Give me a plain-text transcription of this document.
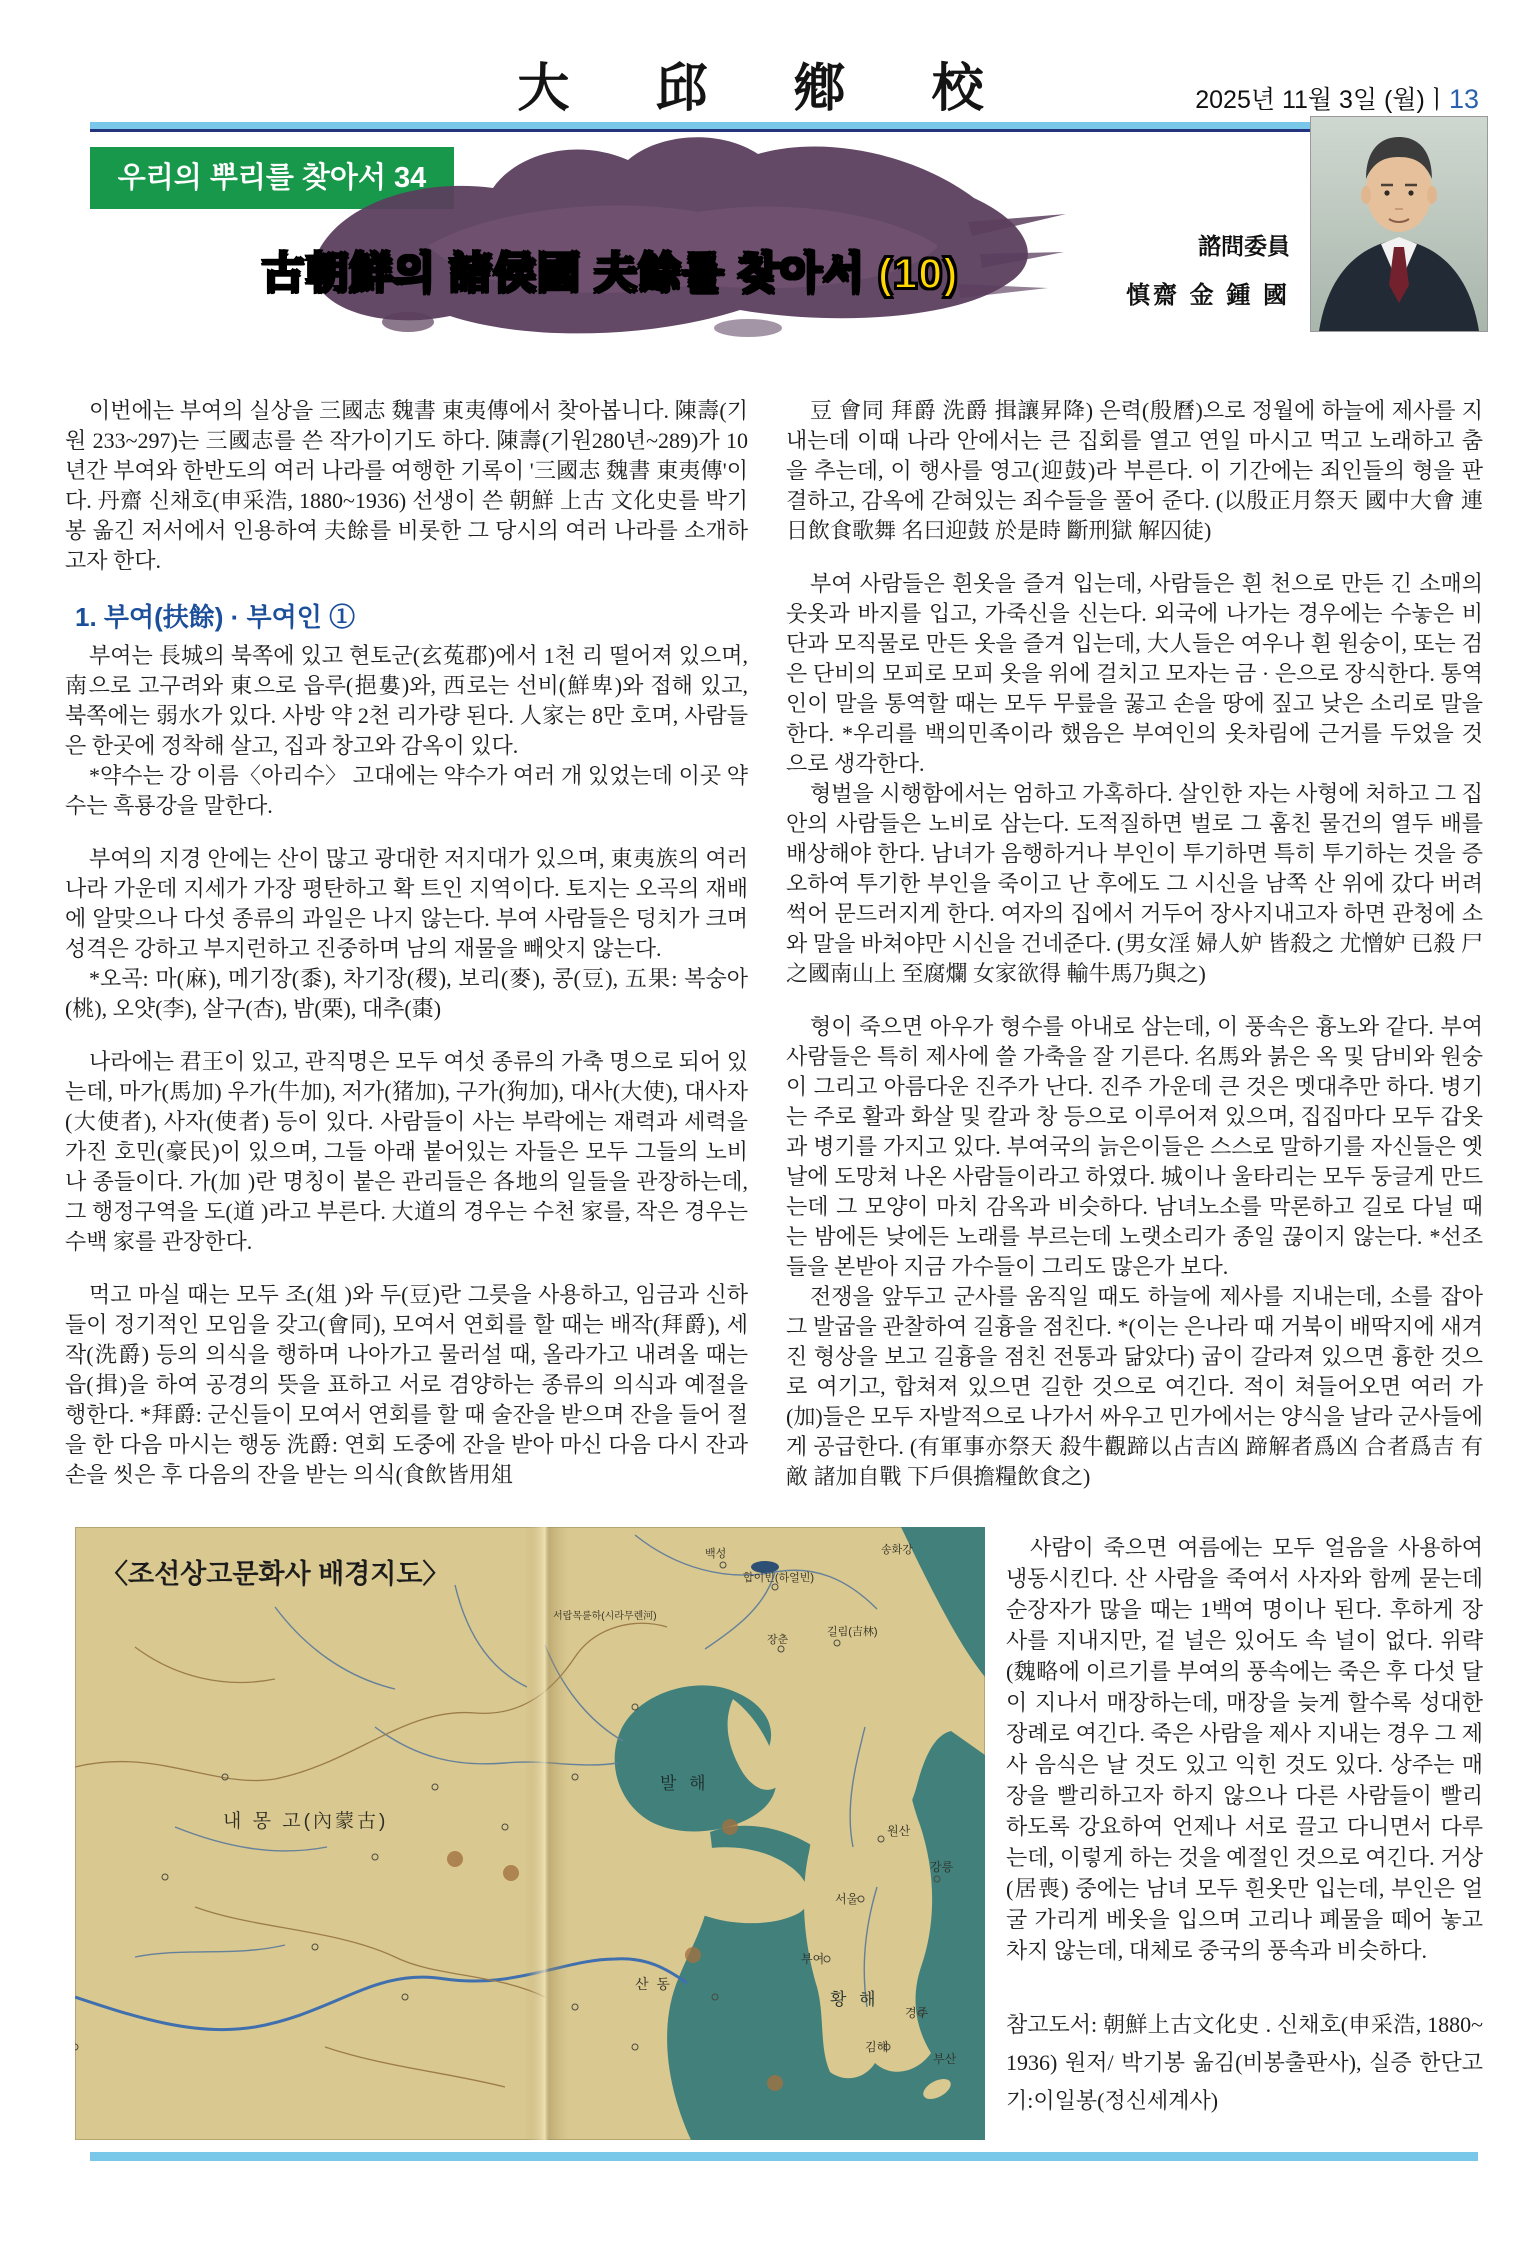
大 邱 鄕 校	2025년 11월 3일 (월)ㅣ13
우리의 뿌리를 찾아서 34
古朝鮮의 諸侯國 夫餘를 찾아서 (10)
諮問委員
慎齋 金 鍾 國

이번에는 부여의 실상을 三國志 魏書 東夷傳에서 찾아봅니다. 陳壽(기원 233~297)는 三國志를 쓴 작가이기도 하다. 陳壽(기원280년~289)가 10년간 부여와 한반도의 여러 나라를 여행한 기록이 '三國志 魏書 東夷傳'이다. 丹齋 신채호(申采浩, 1880~1936) 선생이 쓴 朝鮮 上古 文化史를 박기봉 옮긴 저서에서 인용하여 夫餘를 비롯한 그 당시의 여러 나라를 소개하고자 한다.

1. 부여(扶餘) · 부여인 ①

부여는 長城의 북쪽에 있고 현토군(玄菟郡)에서 1천 리 떨어져 있으며, 南으로 고구려와 東으로 읍루(挹婁)와, 西로는 선비(鮮卑)와 접해 있고, 북쪽에는 弱水가 있다. 사방 약 2천 리가량 된다. 人家는 8만 호며, 사람들은 한곳에 정착해 살고, 집과 창고와 감옥이 있다.

*약수는 강 이름〈아리수〉 고대에는 약수가 여러 개 있었는데 이곳 약수는 흑룡강을 말한다.

부여의 지경 안에는 산이 많고 광대한 저지대가 있으며, 東夷族의 여러 나라 가운데 지세가 가장 평탄하고 확 트인 지역이다. 토지는 오곡의 재배에 알맞으나 다섯 종류의 과일은 나지 않는다. 부여 사람들은 덩치가 크며 성격은 강하고 부지런하고 진중하며 남의 재물을 빼앗지 않는다.

*오곡: 마(麻), 메기장(黍), 차기장(稷), 보리(麥), 콩(豆), 五果: 복숭아(桃), 오얏(李), 살구(杏), 밤(栗), 대추(棗)

나라에는 君王이 있고, 관직명은 모두 여섯 종류의 가축 명으로 되어 있는데, 마가(馬加) 우가(牛加), 저가(猪加), 구가(狗加), 대사(大使), 대사자(大使者), 사자(使者) 등이 있다. 사람들이 사는 부락에는 재력과 세력을 가진 호민(豪民)이 있으며, 그들 아래 붙어있는 자들은 모두 그들의 노비나 종들이다. 가(加 )란 명칭이 붙은 관리들은 各地의 일들을 관장하는데, 그 행정구역을 도(道 )라고 부른다. 大道의 경우는 수천 家를, 작은 경우는 수백 家를 관장한다.

먹고 마실 때는 모두 조(俎 )와 두(豆)란 그릇을 사용하고, 임금과 신하들이 정기적인 모임을 갖고(會同), 모여서 연회를 할 때는 배작(拜爵), 세작(洗爵) 등의 의식을 행하며 나아가고 물러설 때, 올라가고 내려올 때는 읍(揖)을 하여 공경의 뜻을 표하고 서로 겸양하는 종류의 의식과 예절을 행한다. *拜爵: 군신들이 모여서 연회를 할 때 술잔을 받으며 잔을 들어 절을 한 다음 마시는 행동 洗爵: 연회 도중에 잔을 받아 마신 다음 다시 잔과 손을 씻은 후 다음의 잔을 받는 의식(食飲皆用俎

豆 會同 拜爵 洗爵 揖讓昇降) 은력(殷曆)으로 정월에 하늘에 제사를 지내는데 이때 나라 안에서는 큰 집회를 열고 연일 마시고 먹고 노래하고 춤을 추는데, 이 행사를 영고(迎鼓)라 부른다. 이 기간에는 죄인들의 형을 판결하고, 감옥에 갇혀있는 죄수들을 풀어 준다. (以殷正月祭天 國中大會 連日飲食歌舞 名曰迎鼓 於是時 斷刑獄 解囚徒)

부여 사람들은 흰옷을 즐겨 입는데, 사람들은 흰 천으로 만든 긴 소매의 웃옷과 바지를 입고, 가죽신을 신는다. 외국에 나가는 경우에는 수놓은 비단과 모직물로 만든 옷을 즐겨 입는데, 大人들은 여우나 흰 원숭이, 또는 검은 단비의 모피로 모피 옷을 위에 걸치고 모자는 금 · 은으로 장식한다. 통역인이 말을 통역할 때는 모두 무릎을 꿇고 손을 땅에 짚고 낮은 소리로 말을 한다. *우리를 백의민족이라 했음은 부여인의 옷차림에 근거를 두었을 것으로 생각한다.

형벌을 시행함에서는 엄하고 가혹하다. 살인한 자는 사형에 처하고 그 집안의 사람들은 노비로 삼는다. 도적질하면 벌로 그 훔친 물건의 열두 배를 배상해야 한다. 남녀가 음행하거나 부인이 투기하면 특히 투기하는 것을 증오하여 투기한 부인을 죽이고 난 후에도 그 시신을 남쪽 산 위에 갔다 버려 썩어 문드러지게 한다. 여자의 집에서 거두어 장사지내고자 하면 관청에 소와 말을 바쳐야만 시신을 건네준다. (男女淫 婦人妒 皆殺之 尤憎妒 已殺 尸之國南山上 至腐爛 女家欲得 輸牛馬乃與之)

형이 죽으면 아우가 형수를 아내로 삼는데, 이 풍속은 흉노와 같다. 부여 사람들은 특히 제사에 쓸 가축을 잘 기른다. 名馬와 붉은 옥 및 담비와 원숭이 그리고 아름다운 진주가 난다. 진주 가운데 큰 것은 멧대추만 하다. 병기는 주로 활과 화살 및 칼과 창 등으로 이루어져 있으며, 집집마다 모두 갑옷과 병기를 가지고 있다. 부여국의 늙은이들은 스스로 말하기를 자신들은 옛날에 도망쳐 나온 사람들이라고 하였다. 城이나 울타리는 모두 둥글게 만드는데 그 모양이 마치 감옥과 비슷하다. 남녀노소를 막론하고 길로 다닐 때는 밤에든 낮에든 노래를 부르는데 노랫소리가 종일 끊이지 않는다. *선조들을 본받아 지금 가수들이 그리도 많은가 보다.

전쟁을 앞두고 군사를 움직일 때도 하늘에 제사를 지내는데, 소를 잡아 그 발굽을 관찰하여 길흉을 점친다. *(이는 은나라 때 거북이 배딱지에 새겨진 형상을 보고 길흉을 점친 전통과 닮았다) 굽이 갈라져 있으면 흉한 것으로 여기고, 합쳐져 있으면 길한 것으로 여긴다. 적이 쳐들어오면 여러 가(加)들은 모두 자발적으로 나가서 싸우고 민가에서는 양식을 날라 군사들에게 공급한다. (有軍事亦祭天 殺牛觀蹄以占吉凶 蹄解者爲凶 合者爲吉 有敵 諸加自戰 下戶俱擔糧飲食之)

사람이 죽으면 여름에는 모두 얼음을 사용하여 냉동시킨다. 산 사람을 죽여서 사자와 함께 묻는데 순장자가 많을 때는 1백여 명이나 된다. 후하게 장사를 지내지만, 겉 널은 있어도 속 널이 없다. 위략(魏略에 이르기를 부여의 풍속에는 죽은 후 다섯 달이 지나서 매장하는데, 매장을 늦게 할수록 성대한 장례로 여긴다. 죽은 사람을 제사 지내는 경우 그 제사 음식은 날 것도 있고 익힌 것도 있다. 상주는 매장을 빨리하고자 하지 않으나 다른 사람들이 빨리하도록 강요하여 언제나 서로 끌고 다니면서 다루는데, 이렇게 하는 것을 예절인 것으로 여긴다. 거상(居喪) 중에는 남녀 모두 흰옷만 입는데, 부인은 얼굴 가리게 베옷을 입으며 고리나 폐물을 떼어 놓고 차지 않는데, 대체로 중국의 풍속과 비슷하다.

참고도서: 朝鮮上古文化史 . 신채호(申采浩, 1880~1936) 원저/ 박기봉 옮김(비봉출판사), 실증 한단고기:이일봉(정신세계사)

〈조선상고문화사 배경지도〉
내 몽 고(內蒙古)
발 해
황 해
합이빈(하얼빈)
송화강
백성
장춘
길림(吉林)
서랍목륜하(시라무렌河)
서울
원산
강릉
경주
김해
부산
부여
산 동
